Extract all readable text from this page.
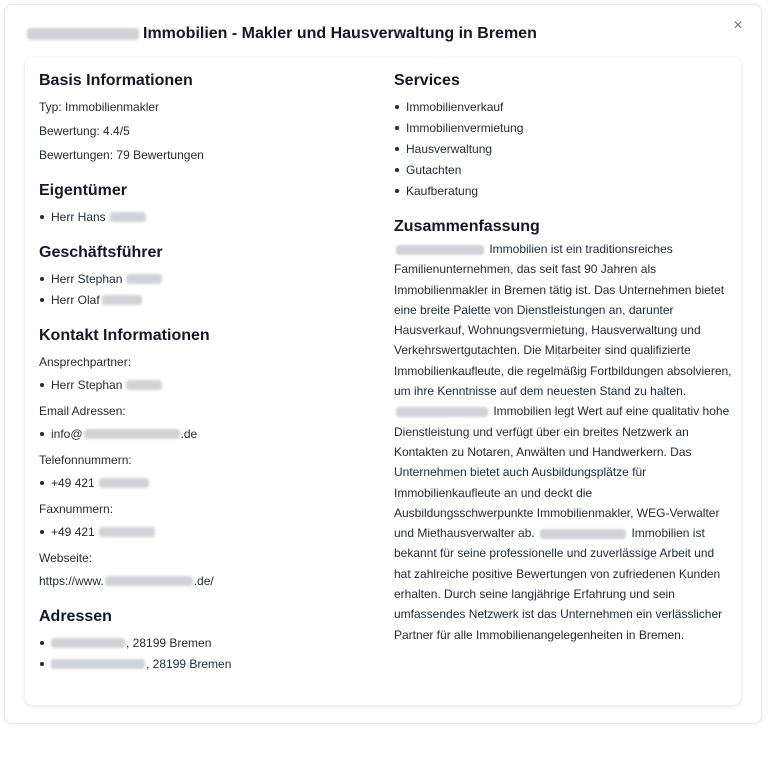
Immobilien - Makler und Hausverwaltung in Bremen	×
Basis Informationen
Typ: Immobilienmakler
Bewertung: 4.4/5
Bewertungen: 79 Bewertungen
Eigentümer
Herr Hans
Geschäftsführer
Herr Stephan
Herr Olaf
Kontakt Informationen
Ansprechpartner:
Herr Stephan
Email Adressen:
info@	.de
Telefonnummern:
+49 421
Faxnummern:
+49 421
Webseite:
https://www.	.de/
Adressen
, 28199 Bremen
, 28199 Bremen
Services
Immobilienverkauf
Immobilienvermietung
Hausverwaltung
Gutachten
Kaufberatung
Zusammenfassung
Immobilien ist ein traditionsreiches Familienunternehmen, das seit fast 90 Jahren als Immobilienmakler in Bremen tätig ist. Das Unternehmen bietet eine breite Palette von Dienstleistungen an, darunter Hausverkauf, Wohnungsvermietung, Hausverwaltung und Verkehrswertgutachten. Die Mitarbeiter sind qualifizierte Immobilienkaufleute, die regelmäßig Fortbildungen absolvieren, um ihre Kenntnisse auf dem neuesten Stand zu halten.  Immobilien legt Wert auf eine qualitativ hohe Dienstleistung und verfügt über ein breites Netzwerk an Kontakten zu Notaren, Anwälten und Handwerkern. Das Unternehmen bietet auch Ausbildungsplätze für Immobilienkaufleute an und deckt die Ausbildungsschwerpunkte Immobilienmakler, WEG-Verwalter und Miethausverwalter ab.	Immobilien ist bekannt für seine professionelle und zuverlässige Arbeit und hat zahlreiche positive Bewertungen von zufriedenen Kunden erhalten. Durch seine langjährige Erfahrung und sein umfassendes Netzwerk ist das Unternehmen ein verlässlicher Partner für alle Immobilienangelegenheiten in Bremen.
